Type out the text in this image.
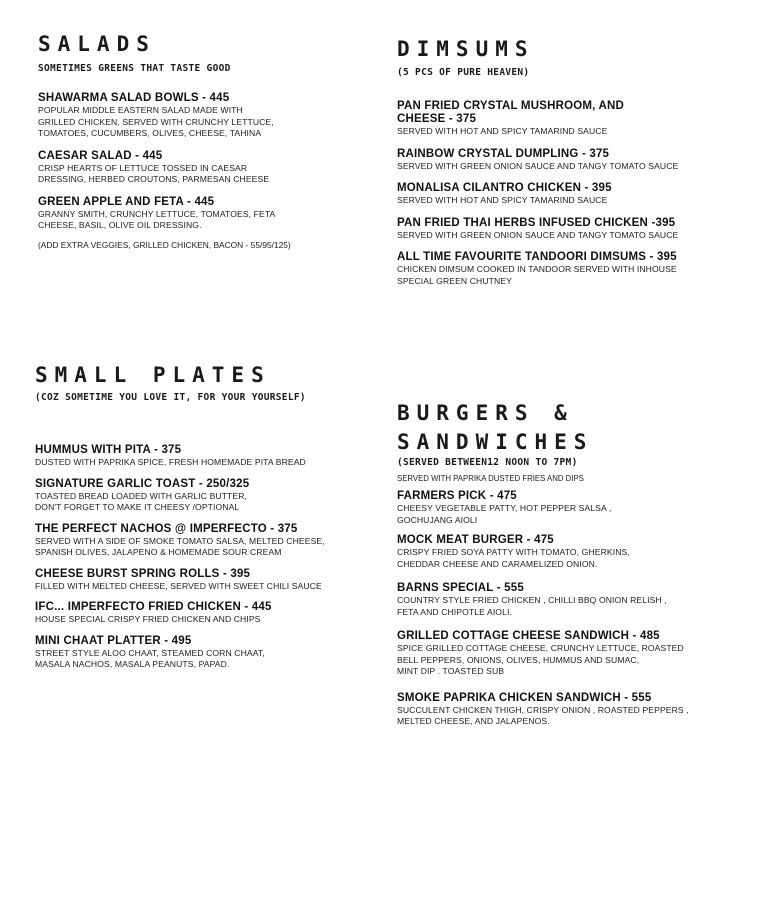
SALADS
SOMETIMES GREENS THAT TASTE GOOD
SHAWARMA SALAD BOWLS - 445
POPULAR MIDDLE EASTERN SALAD MADE WITH
GRILLED CHICKEN, SERVED WITH CRUNCHY LETTUCE,
TOMATOES, CUCUMBERS, OLIVES, CHEESE, TAHINA
CAESAR SALAD - 445
CRISP HEARTS OF LETTUCE TOSSED IN CAESAR
DRESSING, HERBED CROUTONS, PARMESAN CHEESE
GREEN APPLE AND FETA - 445
GRANNY SMITH, CRUNCHY LETTUCE, TOMATOES, FETA
CHEESE, BASIL, OLIVE OIL DRESSING.
(ADD EXTRA VEGGIES, GRILLED CHICKEN, BACON - 55/95/125)
DIMSUMS
(5 PCS OF PURE HEAVEN)
PAN FRIED CRYSTAL MUSHROOM, AND
CHEESE - 375
SERVED WITH HOT AND SPICY TAMARIND SAUCE
RAINBOW CRYSTAL DUMPLING - 375
SERVED WITH GREEN ONION SAUCE AND TANGY TOMATO SAUCE
MONALISA CILANTRO CHICKEN - 395
SERVED WITH HOT AND SPICY TAMARIND SAUCE
PAN FRIED THAI HERBS INFUSED CHICKEN -395
SERVED WITH GREEN ONION SAUCE AND TANGY TOMATO SAUCE
ALL TIME FAVOURITE TANDOORI DIMSUMS - 395
CHICKEN DIMSUM COOKED IN TANDOOR SERVED WITH INHOUSE
SPECIAL GREEN CHUTNEY
SMALL PLATES
(COZ SOMETIME YOU LOVE IT, FOR YOUR YOURSELF)
HUMMUS WITH PITA - 375
DUSTED WITH PAPRIKA SPICE, FRESH HOMEMADE PITA BREAD
SIGNATURE GARLIC TOAST - 250/325
TOASTED BREAD LOADED WITH GARLIC BUTTER,
DON'T FORGET TO MAKE IT CHEESY /OPTIONAL
THE PERFECT NACHOS @ IMPERFECTO - 375
SERVED WITH A SIDE OF SMOKE TOMATO SALSA, MELTED CHEESE,
SPANISH OLIVES, JALAPENO & HOMEMADE SOUR CREAM
CHEESE BURST SPRING ROLLS - 395
FILLED WITH MELTED CHEESE, SERVED WITH SWEET CHILI SAUCE
IFC... IMPERFECTO FRIED CHICKEN - 445
HOUSE SPECIAL CRISPY FRIED CHICKEN AND CHIPS
MINI CHAAT PLATTER - 495
STREET STYLE ALOO CHAAT, STEAMED CORN CHAAT,
MASALA NACHOS, MASALA PEANUTS, PAPAD.
BURGERS &
SANDWICHES
(SERVED BETWEEN12 NOON TO 7PM)
SERVED WITH PAPRIKA DUSTED FRIES AND DIPS
FARMERS PICK - 475
CHEESY VEGETABLE PATTY, HOT PEPPER SALSA ,
GOCHUJANG AIOLI
MOCK MEAT BURGER - 475
CRISPY FRIED SOYA PATTY WITH TOMATO, GHERKINS,
CHEDDAR CHEESE AND CARAMELIZED ONION.
BARNS SPECIAL - 555
COUNTRY STYLE FRIED CHICKEN , CHILLI BBQ ONION RELISH ,
FETA AND CHIPOTLE AIOLI.
GRILLED COTTAGE CHEESE SANDWICH - 485
SPICE GRILLED COTTAGE CHEESE, CRUNCHY LETTUCE, ROASTED
BELL PEPPERS, ONIONS, OLIVES, HUMMUS AND SUMAC,
MINT DIP . TOASTED SUB
SMOKE PAPRIKA CHICKEN SANDWICH - 555
SUCCULENT CHICKEN THIGH, CRISPY ONION , ROASTED PEPPERS ,
MELTED CHEESE, AND JALAPENOS.
